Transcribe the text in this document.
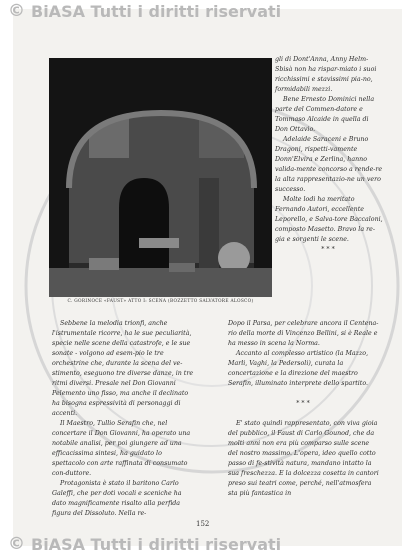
© BiASA Tutti i diritti riservati
C. GORINOCE «FAUST» ATTO I: SCENA (BOZZETTO SALVATORE ALOSCO)

gli di Dont'Anna, Anny Helm-Sbisà non ha rispar-miato i suoi ricchissimi e stavissimi pia-no, formidabili mezzi.

Bene Ernesto Dominici nella parte del Commen-datore e Tommaso Alcaide in quella di Don Ottavio.

Adelaide Saraceni e Bruno Dragoni, rispetti-vamente Donn'Elvira e Zerlina, hanno valida-mente concorso a rende-re la alta rappresentazio-ne un vero successo.

Molte lodi ha meritato Fernando Autori, eccellente Leporello, e Salva-tore Baccaloni, composto Masetto. Bravo la re-gia e sorgenti le scene.

***

Sebbene la melodia trionfi, anche l'istrumentale ricorre, ha le sue peculiarità, specie nelle scene della catastrofe, e le sue sonate - volgono ad esem-pio le tre orchestrine che, durante la scena del ve-stimento, eseguono tre diverse danze, in tre ritmi diversi. Presale nel Don Giovanni Pelemento uno fisso, ma anche il declinato ha bisogna espressività di personaggi di accenti.

Il Maestro, Tullio Serafin che, nel concertare il Don Giovanni, ha operato una notabile analisi, per poi giungere ad una efficacissima sintesi, ha guidato lo spettacolo con arte raffinata di consumato con-duttore.

Protagonista è stato il baritono Carlo Galeffi, che per doti vocali e sceniche ha dato magnificamente risalto alla perfida figura del Dissoluto. Nella re-

Dopo il Parsa, per celebrare ancora il Centena-rio della morte di Vincenzo Bellini, si è Reale e ha messo in scena la Norma.

Accanto al complesso artistico (la Mazzo, Marli, Vaghi, la Pedersoli), curata la concertazione e la direzione del maestro Serafin, illuminato interprete dello spartito.

***

E' stato quindi rappresentato, con viva gioia del pubblico, il Faust di Carlo Gounod, che da molti anni non era più comparso sulle scene del nostro massimo. L'opera, ideo quello cotto passo di fe-stività natura, mandano intatto la sua freschezza. E la dolcezza cosetta in cantori preso sui teatri come, perché, nell'atmosfera sta più fantastica in

152
© BiASA Tutti i diritti riservati
